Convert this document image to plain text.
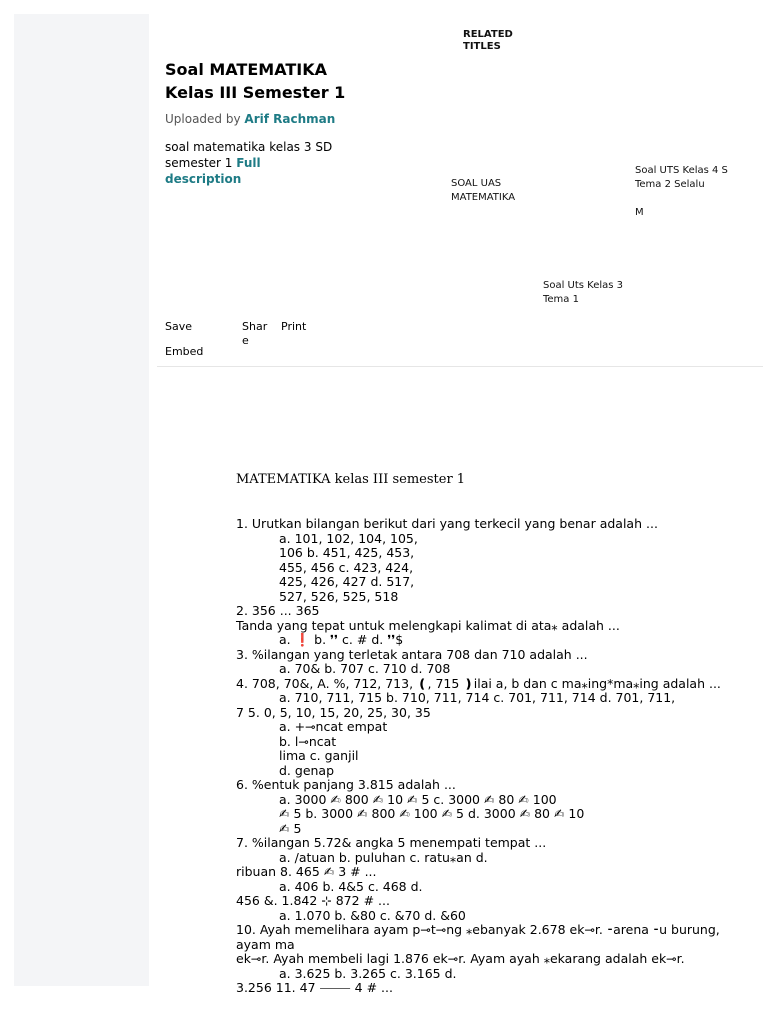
RELATED TITLES
Soal MATEMATIKA Kelas III Semester 1
Uploaded by Arif Rachman
soal matematika kelas 3 SD semester 1 Full description	SOAL UAS MATEMATIKA
Soal UTS Kelas 4 S Tema 2 Selalu
M
Soal Uts Kelas 3 Tema 1
Save	Share
Print
Embed
MATEMATIKA kelas III semester 1
1. Urutkan bilangan berikut dari yang terkecil yang benar adalah ...
a. 101, 102, 104, 105,
106 b. 451, 425, 453,
455, 456 c. 423, 424,
425, 426, 427 d. 517,
527, 526, 525, 518
2. 356 ... 365
Tanda yang tepat untuk melengkapi kalimat di ata⁎ adalah ...
a. ❗ b. ❜❜ c. # d. ❜❜$
3. %ilangan yang terletak antara 708 dan 710 adalah ...
a. 70& b. 707 c. 710 d. 708
4. 708, 70&, A. %, 712, 713, ❪, 715 ❫ilai a, b dan c ma⁎ing*ma⁎ing adalah ...
a. 710, 711, 715 b. 710, 711, 714 c. 701, 711, 714 d. 701, 711,
7 5. 0, 5, 10, 15, 20, 25, 30, 35
a. +⊸ncat empat
b. l⊸ncat
lima c. ganjil
d. genap
6. %entuk panjang 3.815 adalah ...
a. 3000 ✍ 800 ✍ 10 ✍ 5 c. 3000 ✍ 80 ✍ 100
✍ 5 b. 3000 ✍ 800 ✍ 100 ✍ 5 d. 3000 ✍ 80 ✍ 10
✍ 5
7. %ilangan 5.72& angka 5 menempati tempat ...
a. /atuan b. puluhan c. ratu⁎an d.
ribuan 8. 465 ✍ 3 # ...
a. 406 b. 4&5 c. 468 d.
456 &. 1.842 ⊹ 872 # ...
a. 1.070 b. &80 c. &70 d. &60
10. Ayah memelihara ayam p⊸t⊸ng ⁎ebanyak 2.678 ek⊸r. ⁃arena ⁃u burung,
ayam ma
ek⊸r. Ayah membeli lagi 1.876 ek⊸r. Ayam ayah ⁎ekarang adalah ek⊸r.
a. 3.625 b. 3.265 c. 3.165 d.
3.256 11. 47 ⸻ 4 # ...
